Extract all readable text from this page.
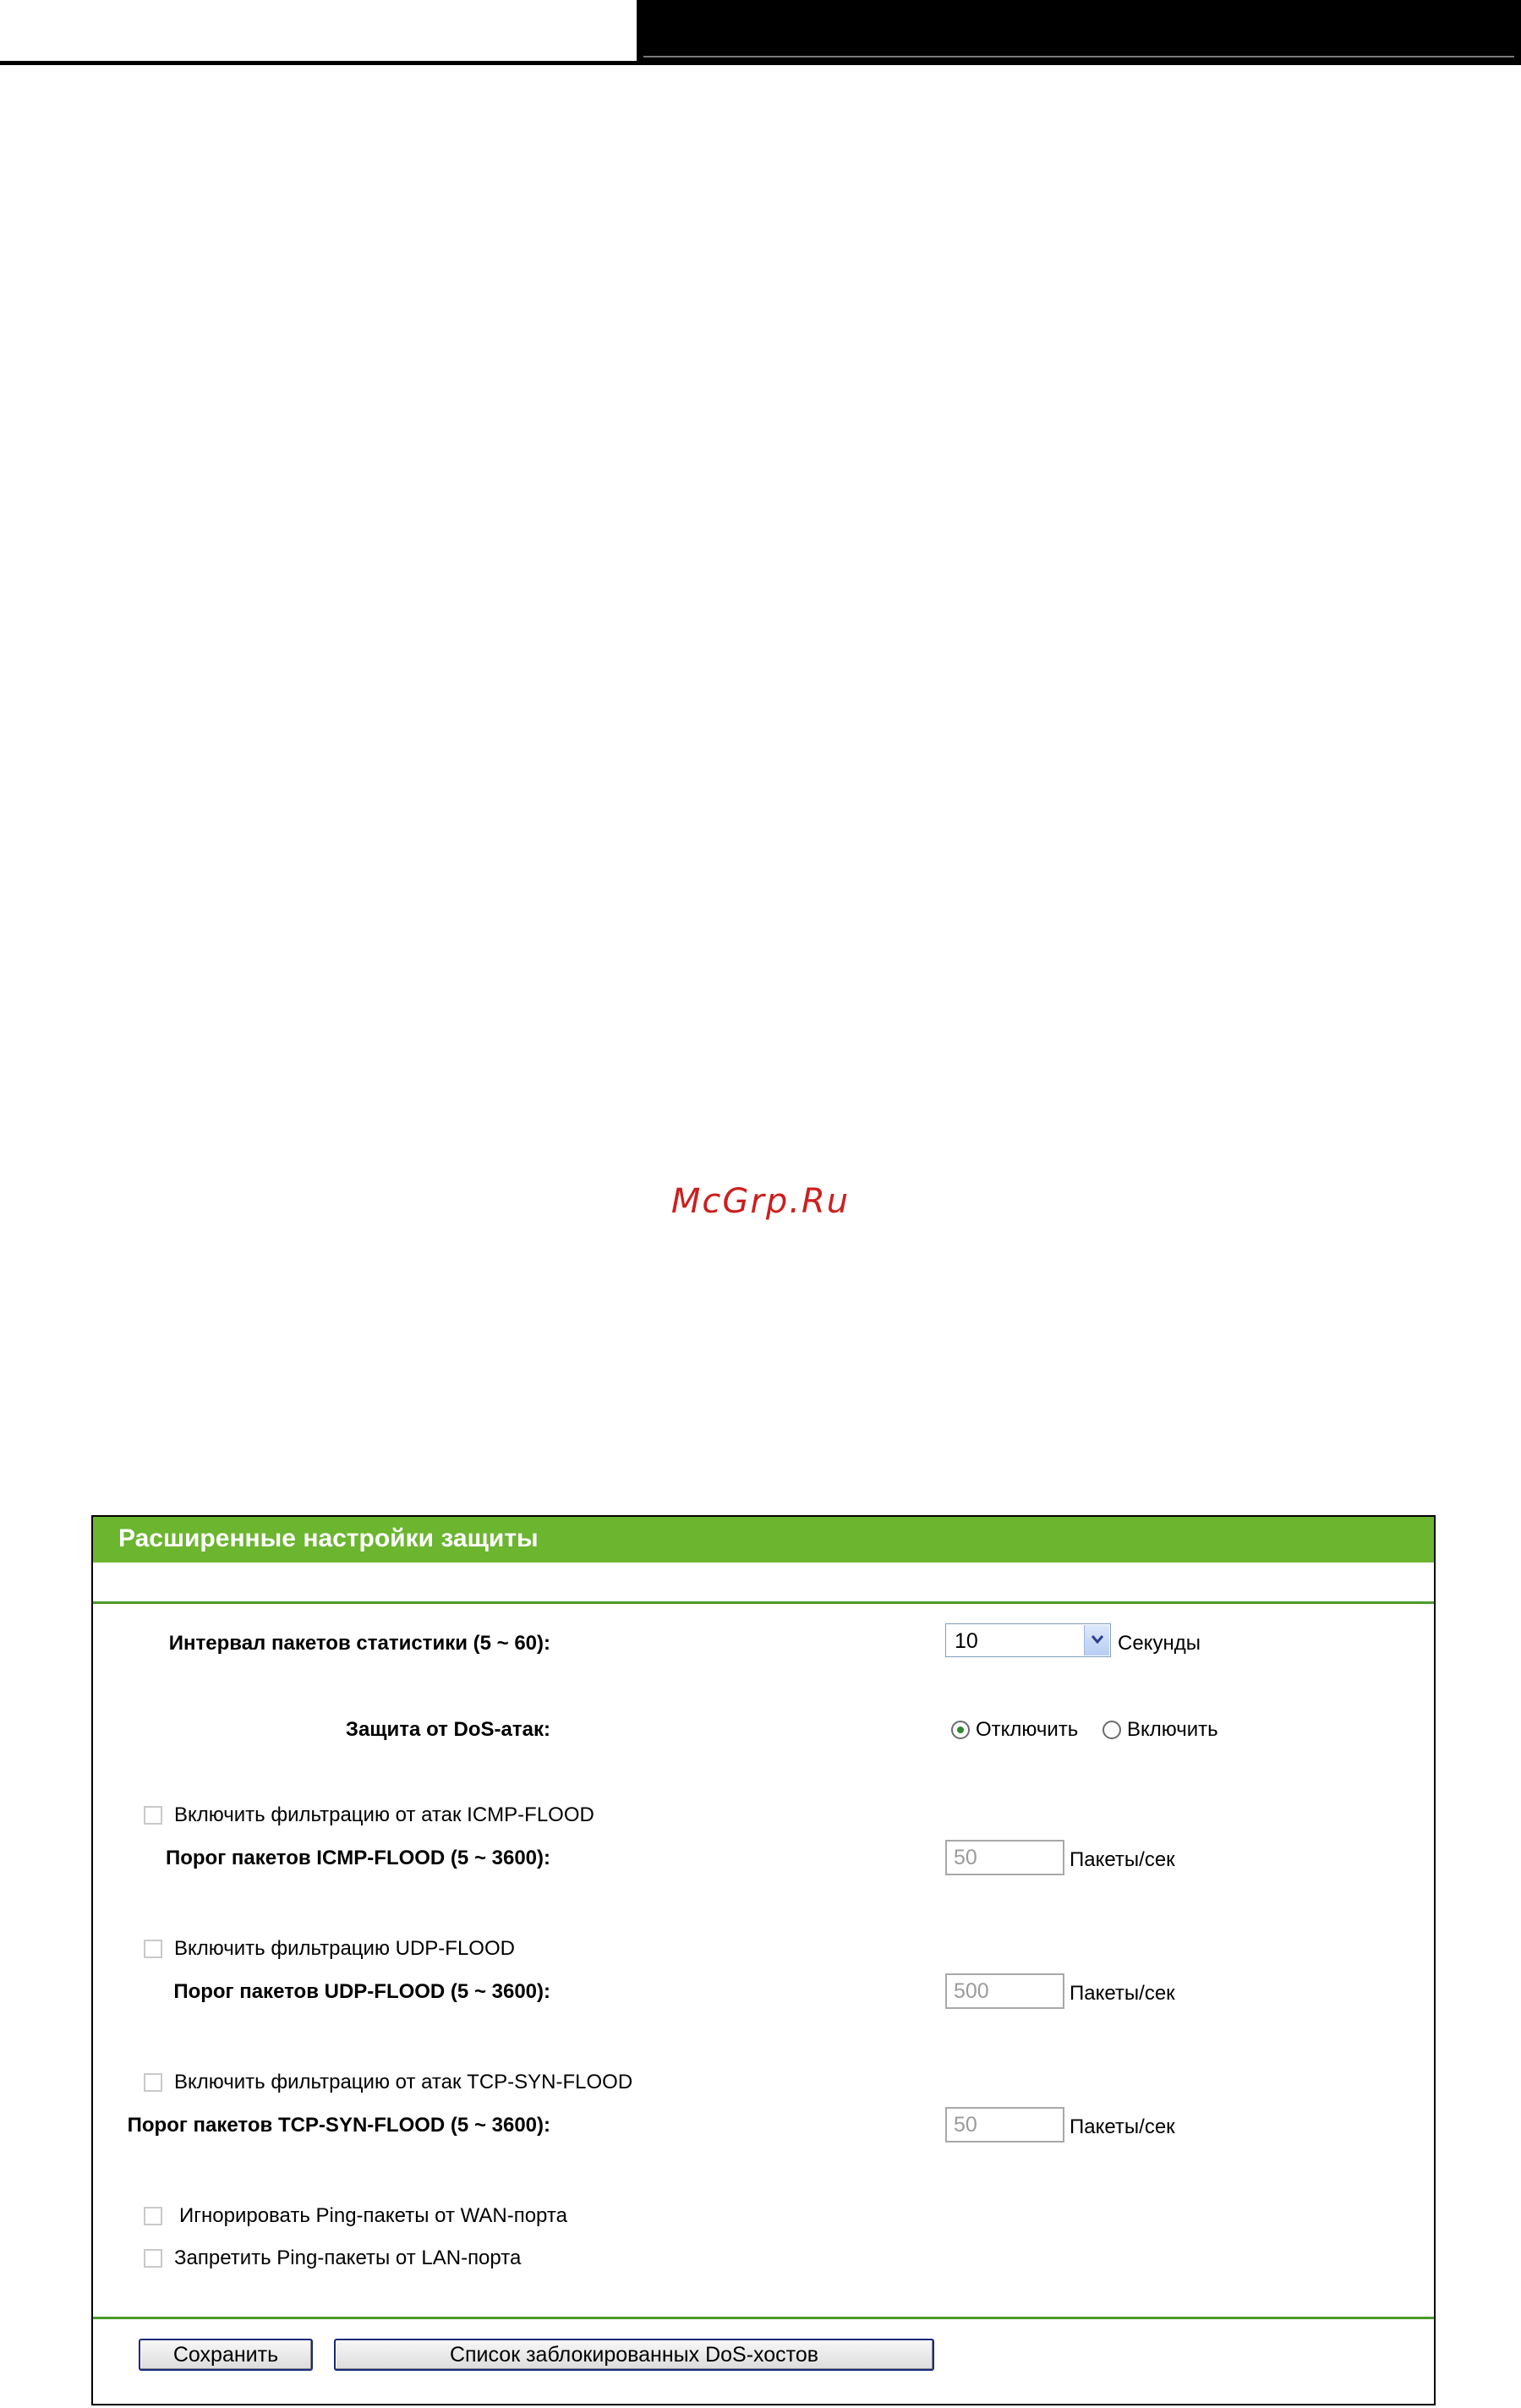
McGrp.Ru
Расширенные настройки защиты
Интервал пакетов статистики (5 ~ 60):	10	Секунды
Защита от DoS-атак:	Отключить Включить
Включить фильтрацию от атак ICMP-FLOOD
Порог пакетов ICMP-FLOOD (5 ~ 3600):	50	Пакеты/сек
Включить фильтрацию UDP-FLOOD
Порог пакетов UDP-FLOOD (5 ~ 3600):	500	Пакеты/сек
Включить фильтрацию от атак TCP-SYN-FLOOD
Порог пакетов TCP-SYN-FLOOD (5 ~ 3600):	50	Пакеты/сек
Игнорировать Ping-пакеты от WAN-порта
Запретить Ping-пакеты от LAN-порта
Сохранить	Список заблокированных DoS-хостов
